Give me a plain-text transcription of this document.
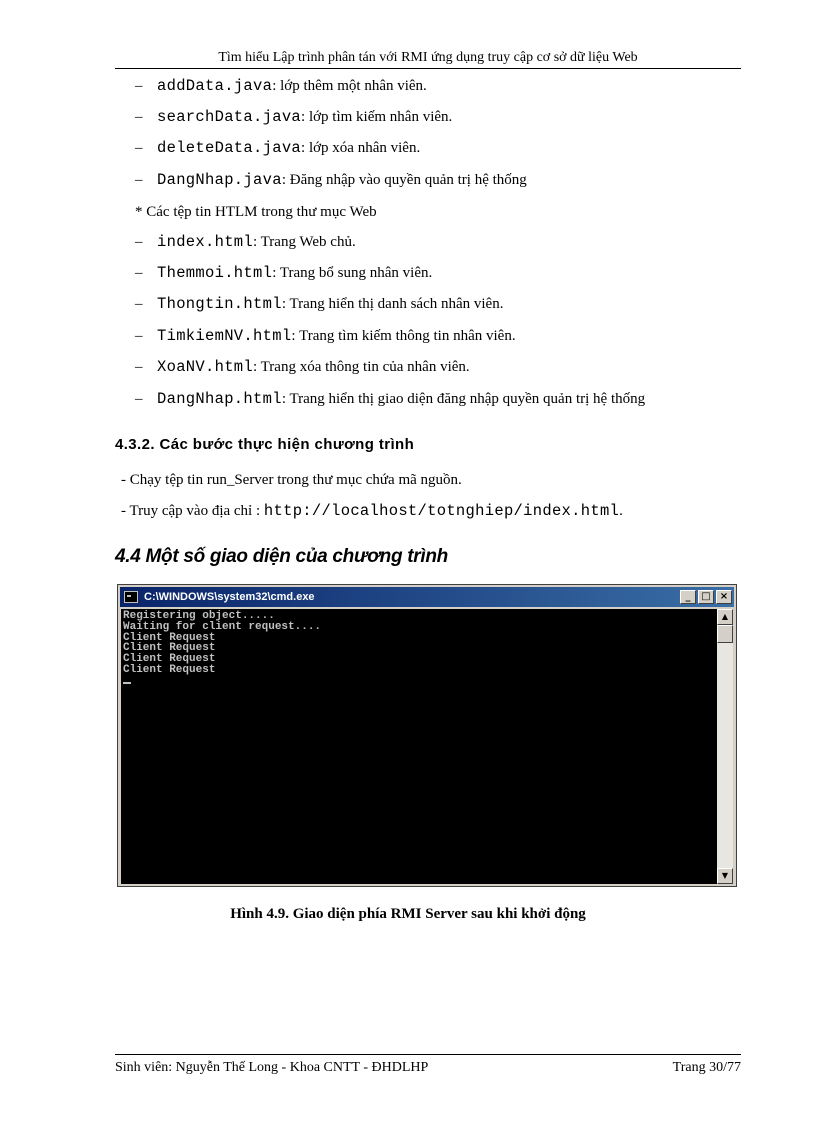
Tìm hiểu Lập trình phân tán với RMI ứng dụng truy cập cơ sở dữ liệu Web
– addData.java: lớp thêm một nhân viên.
– searchData.java: lớp tìm kiếm nhân viên.
– deleteData.java: lớp xóa nhân viên.
– DangNhap.java: Đăng nhập vào quyền quản trị hệ thống
* Các tệp tin HTLM trong thư mục Web
– index.html: Trang Web chủ.
– Themmoi.html: Trang bổ sung nhân viên.
– Thongtin.html: Trang hiển thị danh sách nhân viên.
– TimkiemNV.html: Trang tìm kiếm thông tin nhân viên.
– XoaNV.html: Trang xóa thông tin của nhân viên.
– DangNhap.html: Trang hiển thị giao diện đăng nhập quyền quản trị hệ thống
4.3.2. Các bước thực hiện chương trình
- Chạy tệp tin run_Server trong thư mục chứa mã nguồn.
- Truy cập vào địa chỉ : http://localhost/totnghiep/index.html.
4.4 Một số giao diện của chương trình
C:\WINDOWS\system32\cmd.exe	_	□ ×
Registering object.....
Waiting for client request....
Client Request
Client Request
Client Request
Client Request
▲
▼
Hình 4.9. Giao diện phía RMI Server sau khi khởi động
Sinh viên: Nguyễn Thế Long - Khoa CNTT - ĐHDLHP	Trang 30/77
